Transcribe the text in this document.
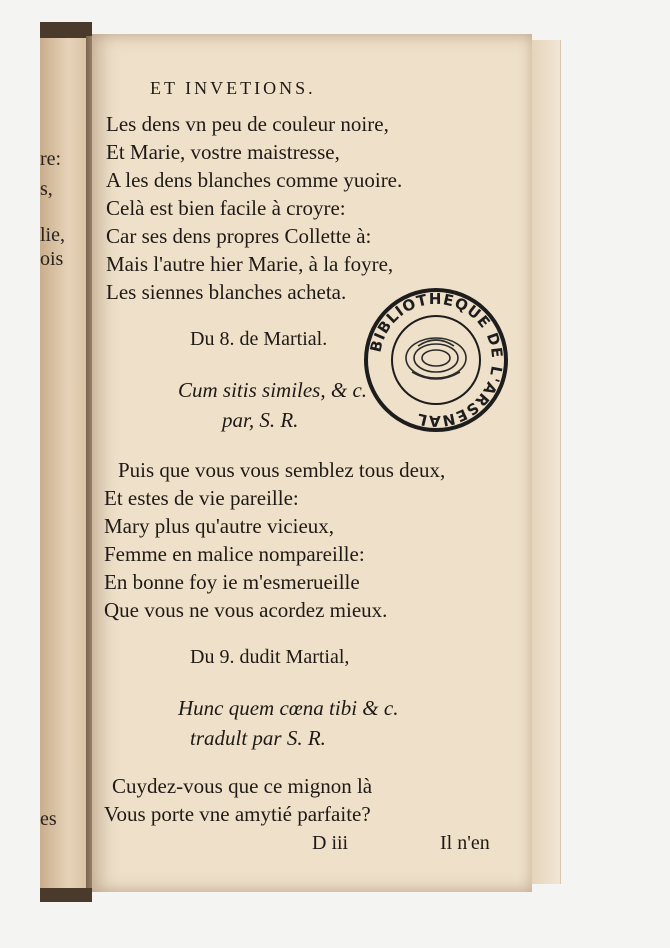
re:
s,
lie,
ois
es
ET INVETIONS.
Les dens vn peu de couleur noire,
Et Marie, vostre maistresse,
A les dens blanches comme yuoire.
Celà est bien facile à croyre:
Car ses dens propres Collette à:
Mais l'autre hier Marie, à la foyre,
Les siennes blanches acheta.
Du 8. de Martial.
Cum sitis similes, & c.
par, S. R.
Puis que vous vous semblez tous deux,
Et estes de vie pareille:
Mary plus qu'autre vicieux,
Femme en malice nompareille:
En bonne foy ie m'esmerueille
Que vous ne vous acordez mieux.
Du 9. dudit Martial,
Hunc quem cœna tibi & c.
tradult par S. R.
Cuydez-vous que ce mignon là
Vous porte vne amytié parfaite?
D iii	Il n'en
BIBLIOTHEQUE DE L'ARSENAL
